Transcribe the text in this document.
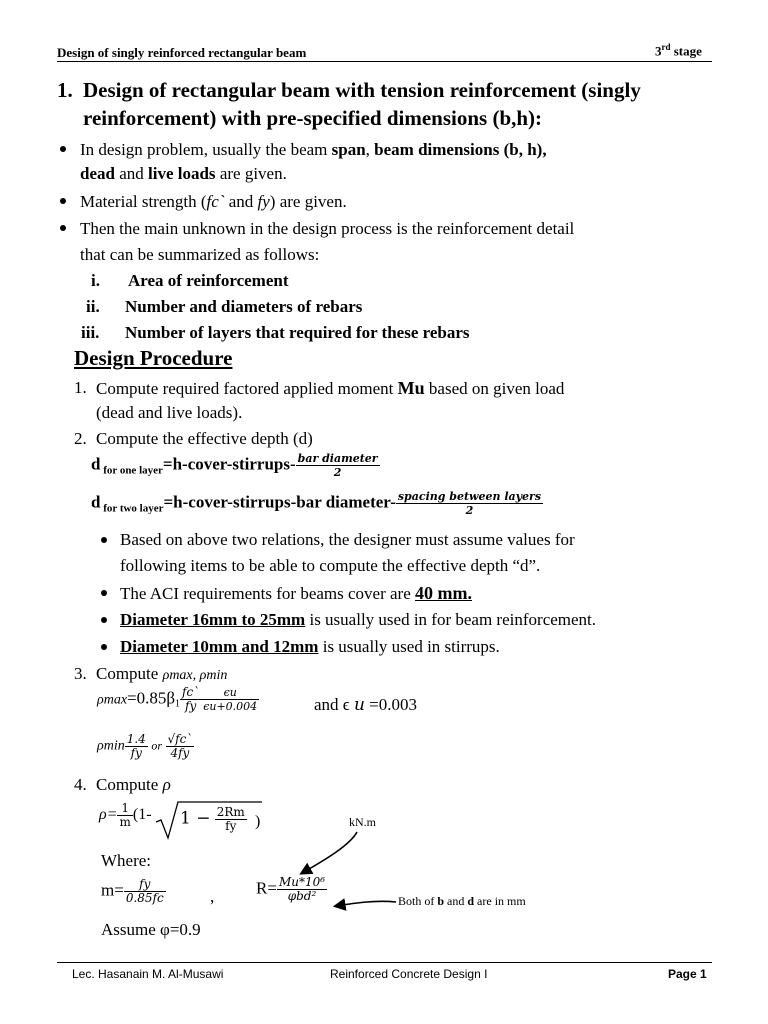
Design of singly reinforced rectangular beam	3rd stage
1. Design of rectangular beam with tension reinforcement (singly
reinforcement) with pre-specified dimensions (b,h):
In design problem, usually the beam span, beam dimensions (b, h),
dead and live loads are given.
Material strength (fc` and fy) are given.
Then the main unknown in the design process is the reinforcement detail
that can be summarized as follows:
i. Area of reinforcement
ii. Number and diameters of rebars
iii. Number of layers that required for these rebars
Design Procedure
1. Compute required factored applied moment Mu based on given load
(dead and live loads).
2. Compute the effective depth (d)
d $_{for one layer}$=h-cover-stirrups- $\frac{\text{bar diameter}}{2}$
d $_{for two layer}$=h-cover-stirrups-bar diameter- $\frac{\text{spacing between layers}}{2}$
Based on above two relations, the designer must assume values for
following items to be able to compute the effective depth “d”.
The ACI requirements for beams cover are 40 mm.
Diameter 16mm to 25mm is usually used in for beam reinforcement.
Diameter 10mm and 12mm is usually used in stirrups.
3. Compute ρmax, ρmin
$\rho\max=0.85\beta 1 \frac{fc`}{fy} \frac{\epsilon u}{\epsilon u+0.004}$	and ϵ u =0.003
ρmin $\frac{1.4}{fy}$ or $\frac{√fc`}{4fy}$
4. Compute ρ
$\rho= \frac{1}{m} (1-$ $1 - \frac{2Rm}{fy}$ )	kN.m
Where:
$m= \frac{fy}{0.85fc}$	, $R= \frac{\text{Mu*10⁶}}{\text{φbd²}}$	Both of b and d are in mm
Assume φ=0.9
Lec. Hasanain M. Al-Musawi	Reinforced Concrete Design I	Page 1
